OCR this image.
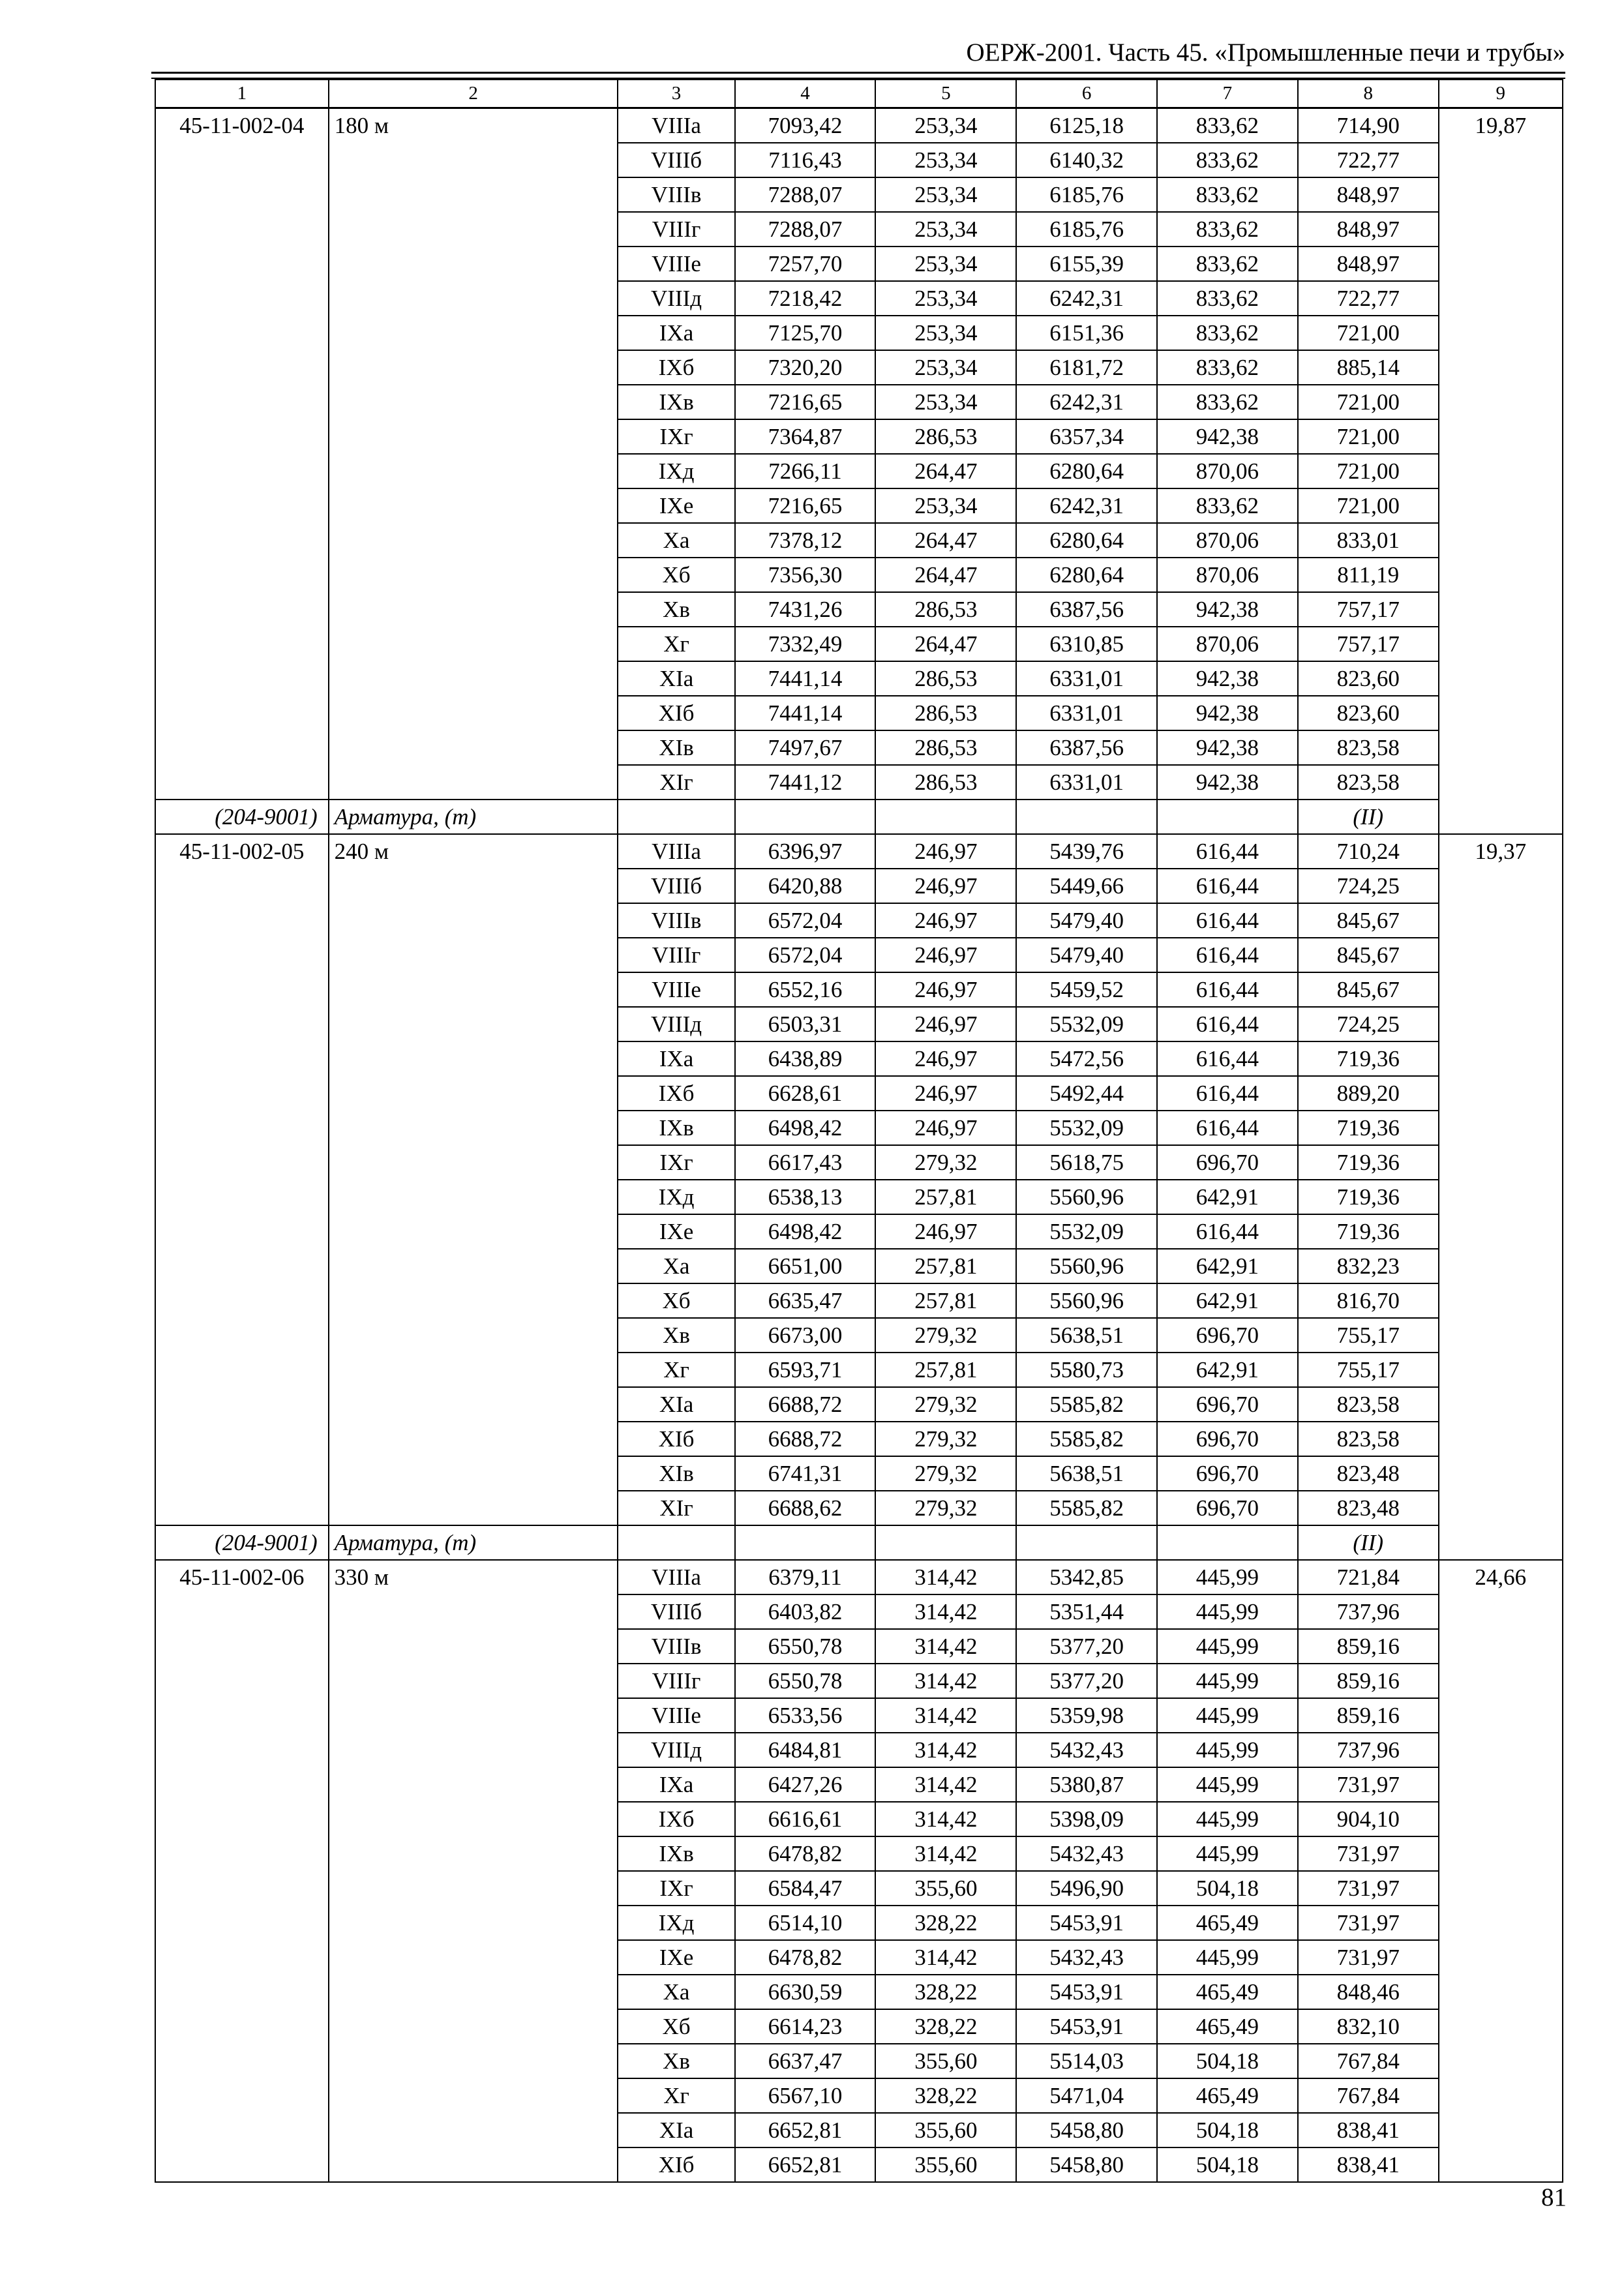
ОЕРЖ-2001. Часть 45. «Промышленные печи и трубы»
1	2	3	4	5	6	7	8	9
45-11-002-04	180 м	VIIIa	7093,42	253,34	6125,18	833,62	714,90	19,87
		VIIIб	7116,43	253,34	6140,32	833,62	722,77	
		VIIIв	7288,07	253,34	6185,76	833,62	848,97	
		VIIIг	7288,07	253,34	6185,76	833,62	848,97	
		VIIIe	7257,70	253,34	6155,39	833,62	848,97	
		VIIIд	7218,42	253,34	6242,31	833,62	722,77	
		IXa	7125,70	253,34	6151,36	833,62	721,00	
		IXб	7320,20	253,34	6181,72	833,62	885,14	
		IXв	7216,65	253,34	6242,31	833,62	721,00	
		IXг	7364,87	286,53	6357,34	942,38	721,00	
		IXд	7266,11	264,47	6280,64	870,06	721,00	
		IXe	7216,65	253,34	6242,31	833,62	721,00	
		Xa	7378,12	264,47	6280,64	870,06	833,01	
		Xб	7356,30	264,47	6280,64	870,06	811,19	
		Xв	7431,26	286,53	6387,56	942,38	757,17	
		Xг	7332,49	264,47	6310,85	870,06	757,17	
		XIa	7441,14	286,53	6331,01	942,38	823,60	
		XIб	7441,14	286,53	6331,01	942,38	823,60	
		XIв	7497,67	286,53	6387,56	942,38	823,58	
		XIг	7441,12	286,53	6331,01	942,38	823,58	
(204-9001)	Арматура, (т)						(II)	
45-11-002-05	240 м	VIIIa	6396,97	246,97	5439,76	616,44	710,24	19,37
		VIIIб	6420,88	246,97	5449,66	616,44	724,25	
		VIIIв	6572,04	246,97	5479,40	616,44	845,67	
		VIIIг	6572,04	246,97	5479,40	616,44	845,67	
		VIIIe	6552,16	246,97	5459,52	616,44	845,67	
		VIIIд	6503,31	246,97	5532,09	616,44	724,25	
		IXa	6438,89	246,97	5472,56	616,44	719,36	
		IXб	6628,61	246,97	5492,44	616,44	889,20	
		IXв	6498,42	246,97	5532,09	616,44	719,36	
		IXг	6617,43	279,32	5618,75	696,70	719,36	
		IXд	6538,13	257,81	5560,96	642,91	719,36	
		IXe	6498,42	246,97	5532,09	616,44	719,36	
		Xa	6651,00	257,81	5560,96	642,91	832,23	
		Xб	6635,47	257,81	5560,96	642,91	816,70	
		Xв	6673,00	279,32	5638,51	696,70	755,17	
		Xг	6593,71	257,81	5580,73	642,91	755,17	
		XIa	6688,72	279,32	5585,82	696,70	823,58	
		XIб	6688,72	279,32	5585,82	696,70	823,58	
		XIв	6741,31	279,32	5638,51	696,70	823,48	
		XIг	6688,62	279,32	5585,82	696,70	823,48	
(204-9001)	Арматура, (т)						(II)	
45-11-002-06	330 м	VIIIa	6379,11	314,42	5342,85	445,99	721,84	24,66
		VIIIб	6403,82	314,42	5351,44	445,99	737,96	
		VIIIв	6550,78	314,42	5377,20	445,99	859,16	
		VIIIг	6550,78	314,42	5377,20	445,99	859,16	
		VIIIe	6533,56	314,42	5359,98	445,99	859,16	
		VIIIд	6484,81	314,42	5432,43	445,99	737,96	
		IXa	6427,26	314,42	5380,87	445,99	731,97	
		IXб	6616,61	314,42	5398,09	445,99	904,10	
		IXв	6478,82	314,42	5432,43	445,99	731,97	
		IXг	6584,47	355,60	5496,90	504,18	731,97	
		IXд	6514,10	328,22	5453,91	465,49	731,97	
		IXe	6478,82	314,42	5432,43	445,99	731,97	
		Xa	6630,59	328,22	5453,91	465,49	848,46	
		Xб	6614,23	328,22	5453,91	465,49	832,10	
		Xв	6637,47	355,60	5514,03	504,18	767,84	
		Xг	6567,10	328,22	5471,04	465,49	767,84	
		XIa	6652,81	355,60	5458,80	504,18	838,41	
		XIб	6652,81	355,60	5458,80	504,18	838,41	
81
